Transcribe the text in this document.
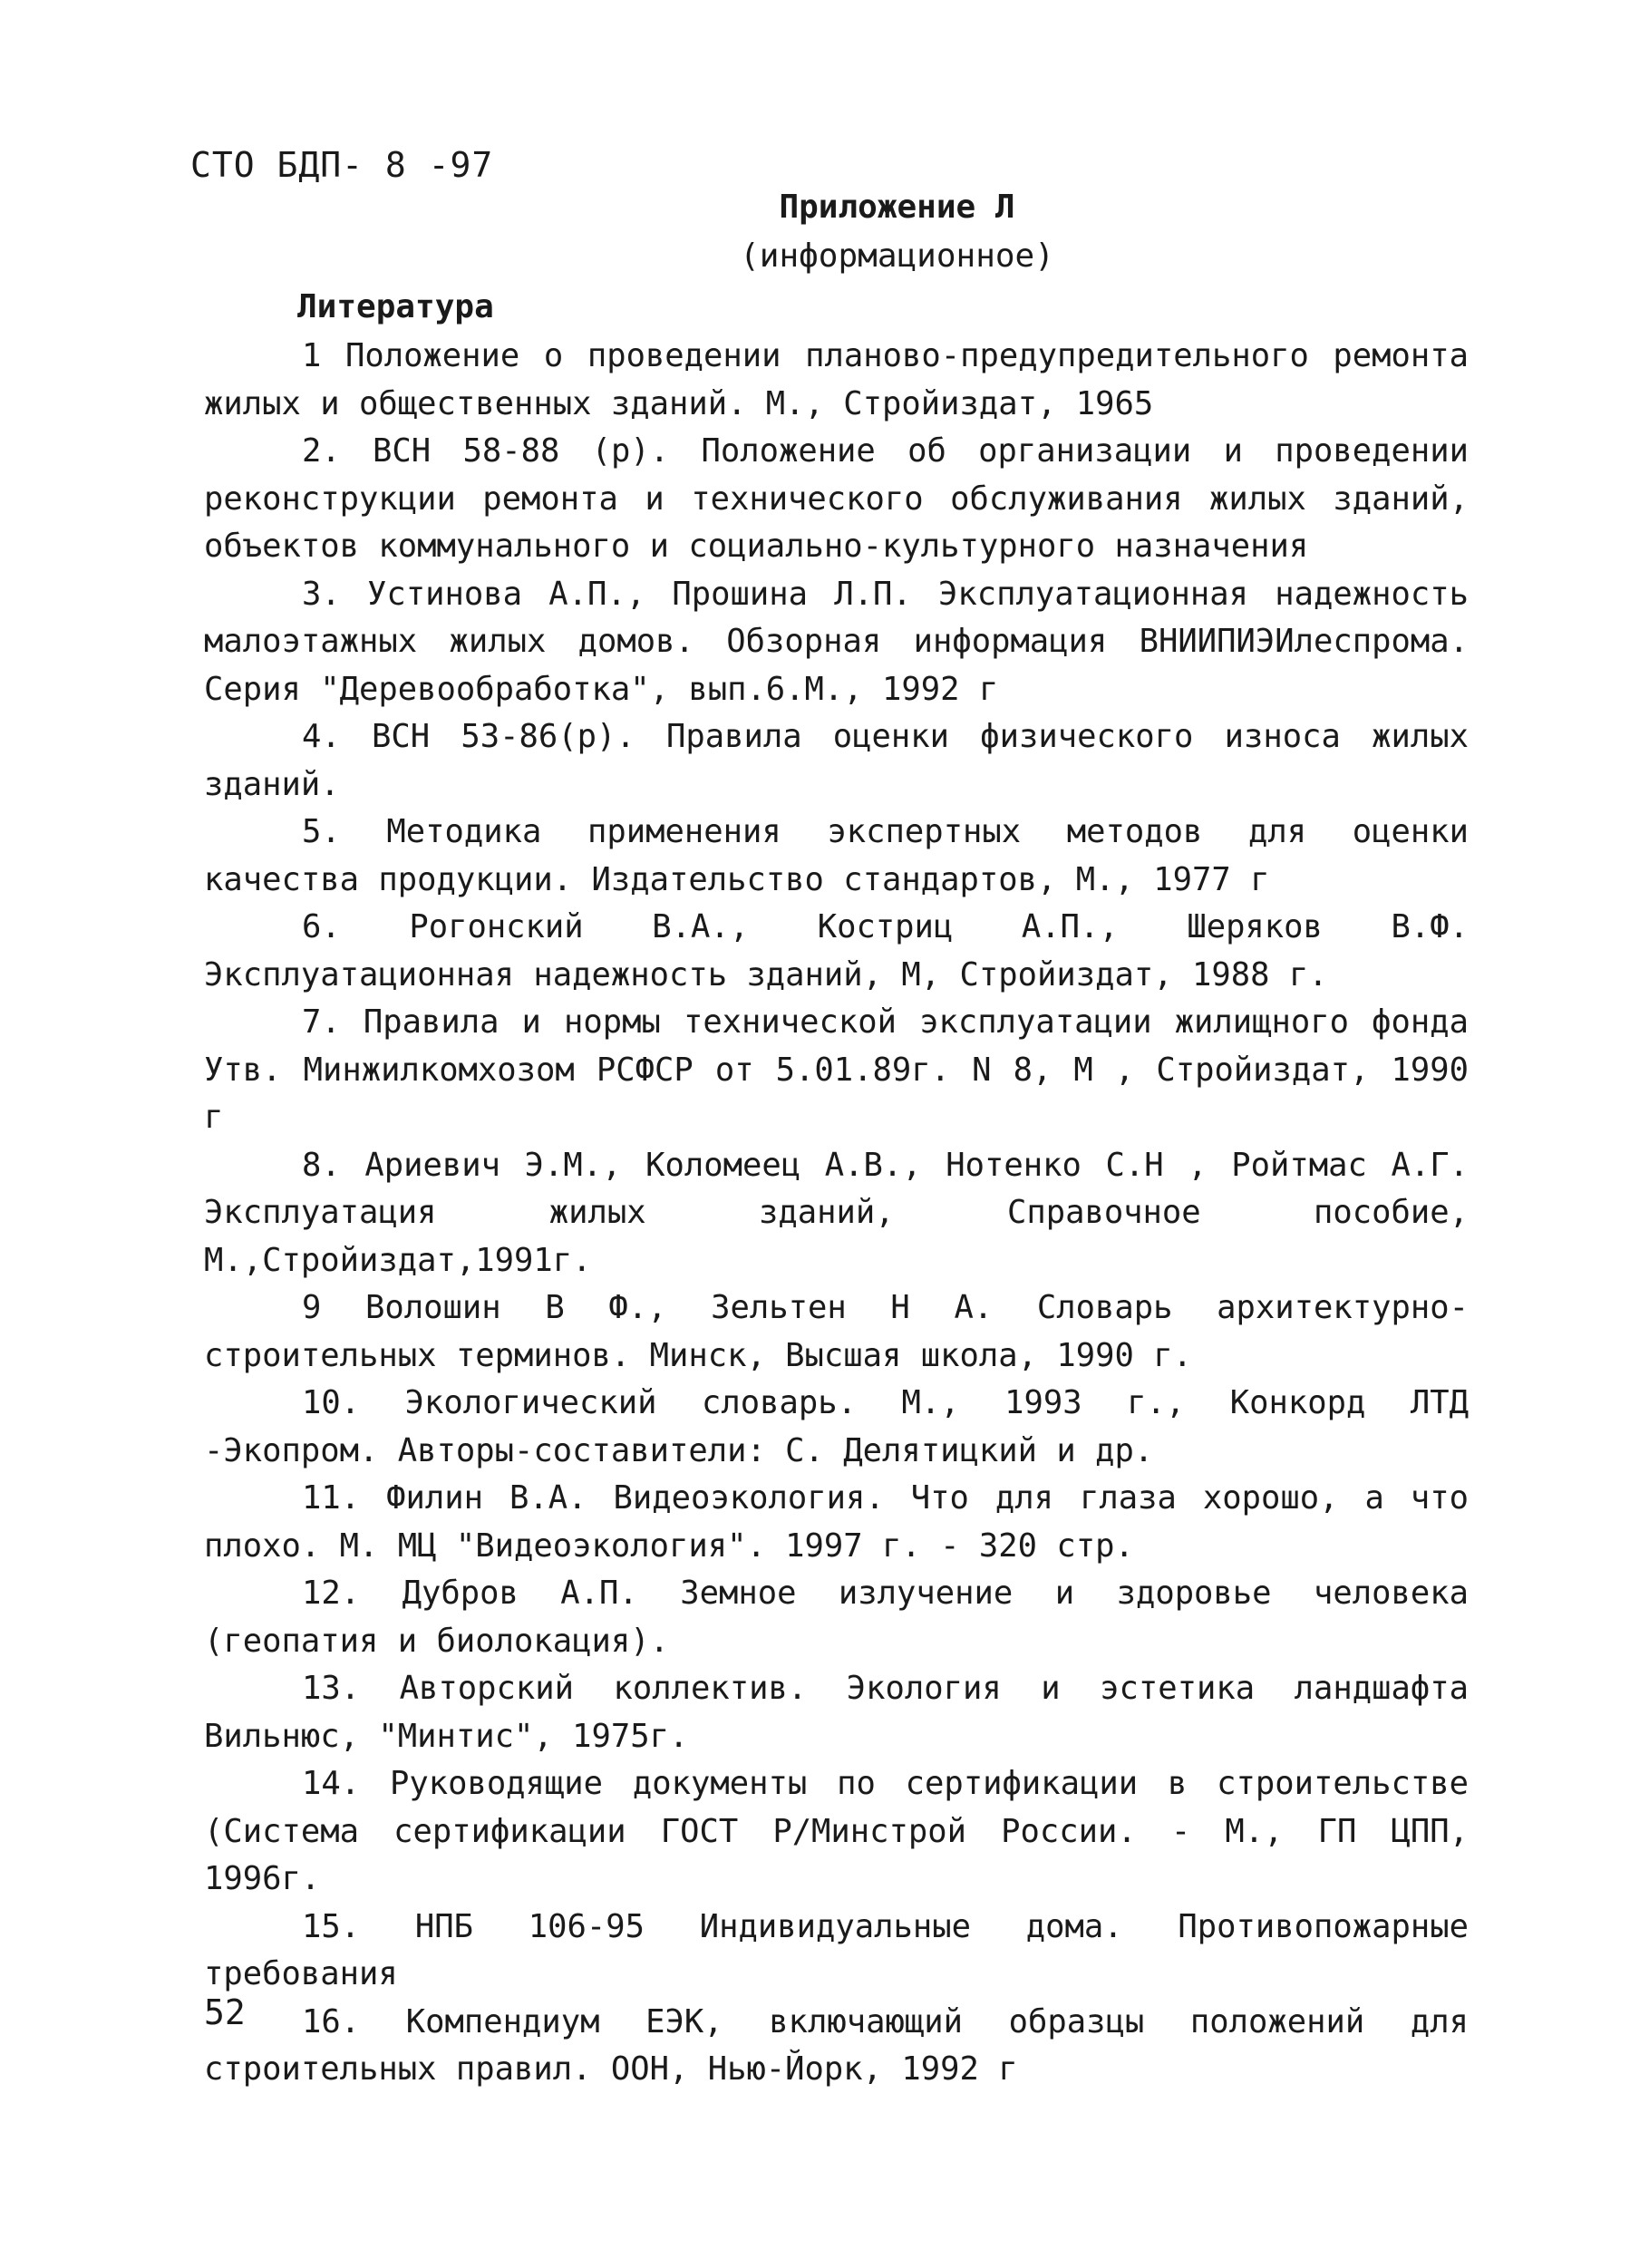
СТО БДП- 8 -97
Приложение Л
(информационное)
Литература

1 Положение о проведении планово-предупредительного ремонта жилых и общественных зданий. М., Стройиздат, 1965

2. ВСН 58-88 (р). Положение об организации и проведении реконструкции ремонта и технического обслуживания жилых зданий, объектов коммунального и социально-культурного назначения

3. Устинова А.П., Прошина Л.П. Эксплуатационная надежность малоэтажных жилых домов. Обзорная информация ВНИИПИЭИлеспрома. Серия "Деревообработка", вып.6.М., 1992 г

4. ВСН 53-86(р). Правила оценки физического износа жилых зданий.

5. Методика применения экспертных методов для оценки качества продукции. Издательство стандартов, М., 1977 г

6. Рогонский В.А., Костриц А.П., Шеряков В.Ф. Эксплуатационная надежность зданий, М, Стройиздат, 1988 г.

7. Правила и нормы технической эксплуатации жилищного фонда Утв. Минжилкомхозом РСФСР от 5.01.89г. N 8, М , Стройиздат, 1990 г

8. Ариевич Э.М., Коломеец А.В., Нотенко С.Н , Ройтмас А.Г. Эксплуатация жилых зданий, Справочное пособие, М.,Стройиздат,1991г.

9 Волошин В Ф., Зельтен Н А. Словарь архитектурно-строительных терминов. Минск, Высшая школа, 1990 г.

10. Экологический словарь. М., 1993 г., Конкорд ЛТД -Экопром. Авторы-составители: С. Делятицкий и др.

11. Филин В.А. Видеоэкология. Что для глаза хорошо, а что плохо. М. МЦ "Видеоэкология". 1997 г. - 320 стр.

12. Дубров А.П. Земное излучение и здоровье человека (геопатия и биолокация).

13. Авторский коллектив. Экология и эстетика ландшафта Вильнюс, "Минтис", 1975г.

14. Руководящие документы по сертификации в строительстве (Система сертификации ГОСТ Р/Минстрой России. - М., ГП ЦПП, 1996г.

15. НПБ 106-95 Индивидуальные дома. Противопожарные требования

16. Компендиум ЕЭК, включающий образцы положений для строительных правил. ООН, Нью-Йорк, 1992 г

52
